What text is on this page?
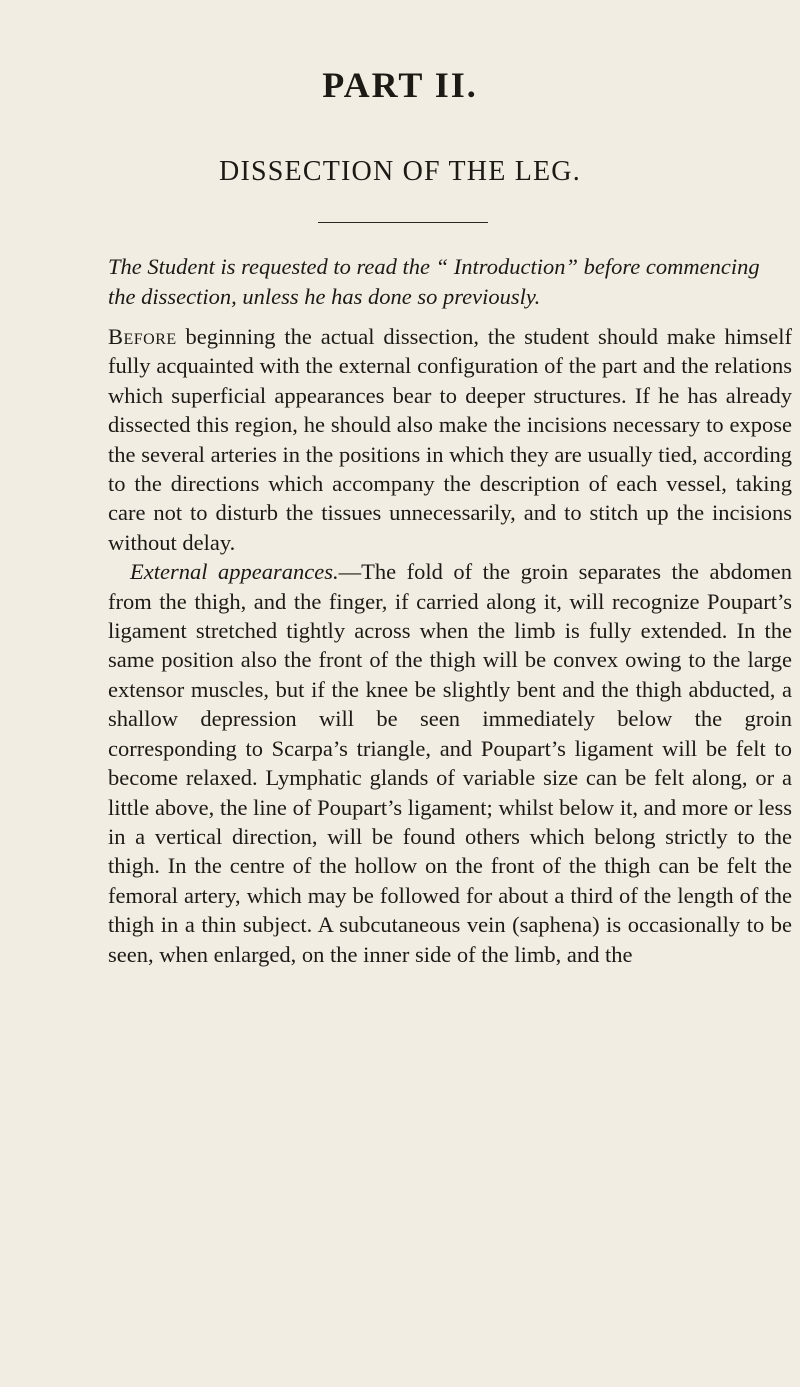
PART II.
DISSECTION OF THE LEG.

The Student is requested to read the “ Introduction” before commencing the dissection, unless he has done so previously.

Before beginning the actual dissection, the student should make himself fully acquainted with the external configuration of the part and the relations which superficial appearances bear to deeper structures. If he has already dissected this region, he should also make the incisions necessary to expose the several arteries in the positions in which they are usually tied, according to the directions which accompany the description of each vessel, taking care not to disturb the tissues unnecessarily, and to stitch up the incisions without delay.

External appearances.—The fold of the groin separates the abdomen from the thigh, and the finger, if carried along it, will recognize Poupart’s ligament stretched tightly across when the limb is fully extended. In the same position also the front of the thigh will be convex owing to the large extensor muscles, but if the knee be slightly bent and the thigh abducted, a shallow depression will be seen immediately below the groin corresponding to Scarpa’s triangle, and Poupart’s ligament will be felt to become relaxed. Lymphatic glands of variable size can be felt along, or a little above, the line of Poupart’s ligament; whilst below it, and more or less in a vertical direction, will be found others which belong strictly to the thigh. In the centre of the hollow on the front of the thigh can be felt the femoral artery, which may be followed for about a third of the length of the thigh in a thin subject. A subcutaneous vein (saphena) is occasionally to be seen, when enlarged, on the inner side of the limb, and the
